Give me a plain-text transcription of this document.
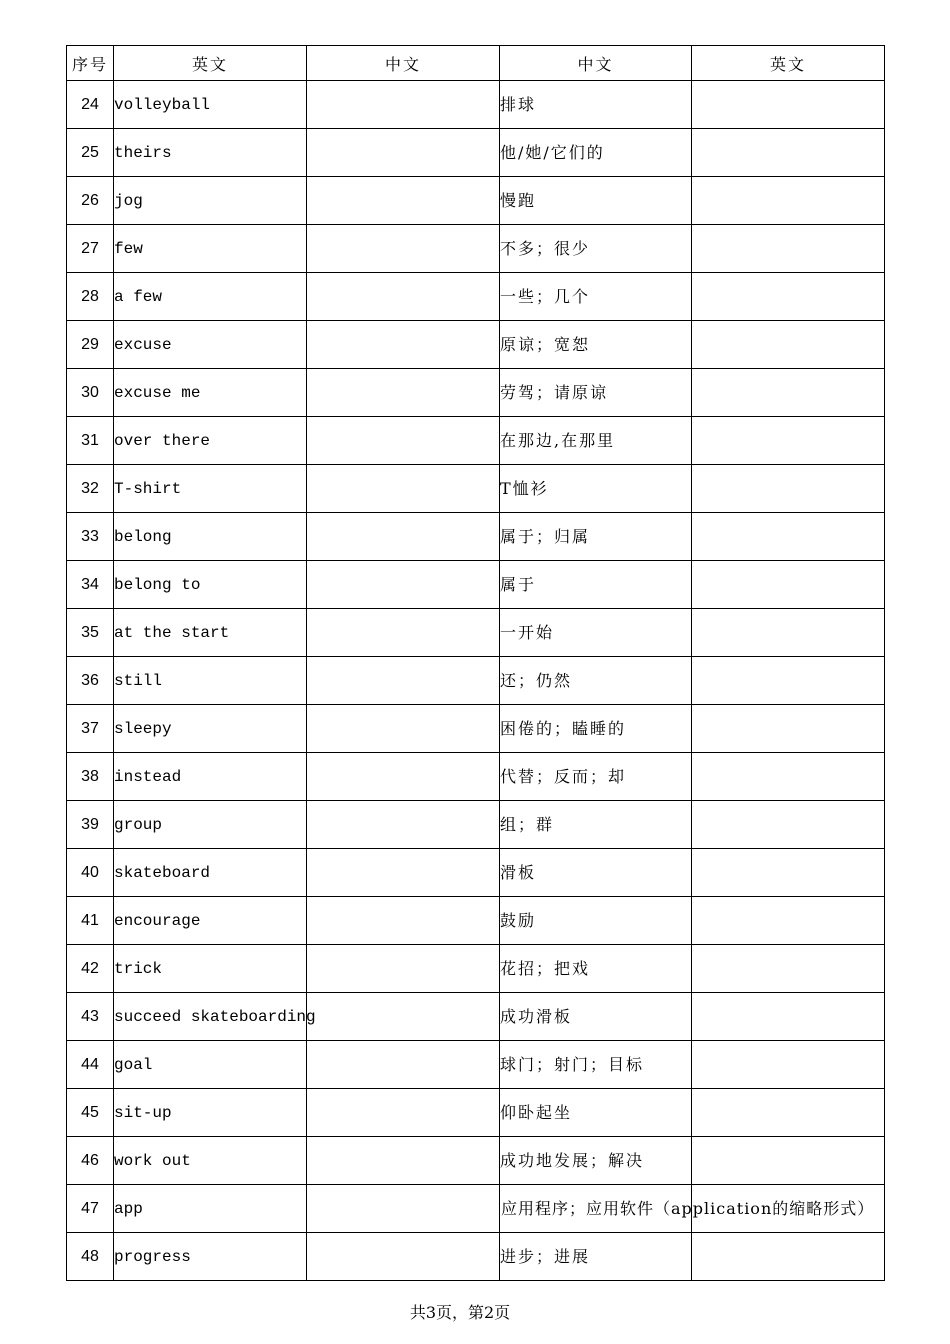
序号	英文	中文	中文	英文
24	volleyball		排球	
25	theirs		他/她/它们的	
26	jog		慢跑	
27	few		不多；很少	
28	a few		一些；几个	
29	excuse		原谅；宽恕	
30	excuse me		劳驾；请原谅	
31	over there		在那边,在那里	
32	T-shirt		T恤衫	
33	belong		属于；归属	
34	belong to		属于	
35	at the start		一开始	
36	still		还；仍然	
37	sleepy		困倦的；瞌睡的	
38	instead		代替；反而；却	
39	group		组；群	
40	skateboard		滑板	
41	encourage		鼓励	
42	trick		花招；把戏	
43	succeed skateboarding		成功滑板	
44	goal		球门；射门；目标	
45	sit-up		仰卧起坐	
46	work out		成功地发展；解决	
47	app		应用程序；应用软件（application的缩略形式）	
48	progress		进步；进展	
共3页，第2页
